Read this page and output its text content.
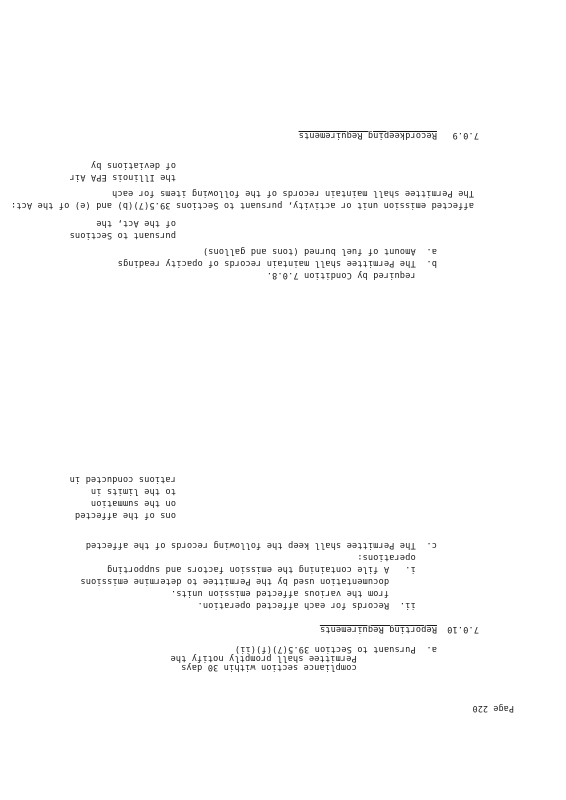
Page 220
compliance section within 30 days
Permittee shall promptly notify the
a.  Pursuant to Section 39.5(7)(f)(ii)
7.0.10
Reporting Requirements
ii.  Records for each affected operation.
from the various affected emission units.
documentation used by the Permittee to determine emissions
i.   A file containing the emission factors and supporting
operations:
c.  The Permittee shall keep the following records of the affected
ons of the affected
on the summation
to the limits in
rations conducted in
required by Condition 7.0.8.
b.  The Permittee shall maintain records of opacity readings
a.  Amount of fuel burned (tons and gallons)
pursuant to Sections
of the Act, the
affected emission unit or activity, pursuant to Sections 39.5(7)(b) and (e) of the Act:
The Permittee shall maintain records of the following items for each
the Illinois EPA Air
of deviations by
7.0.9
Recordkeeping Requirements
